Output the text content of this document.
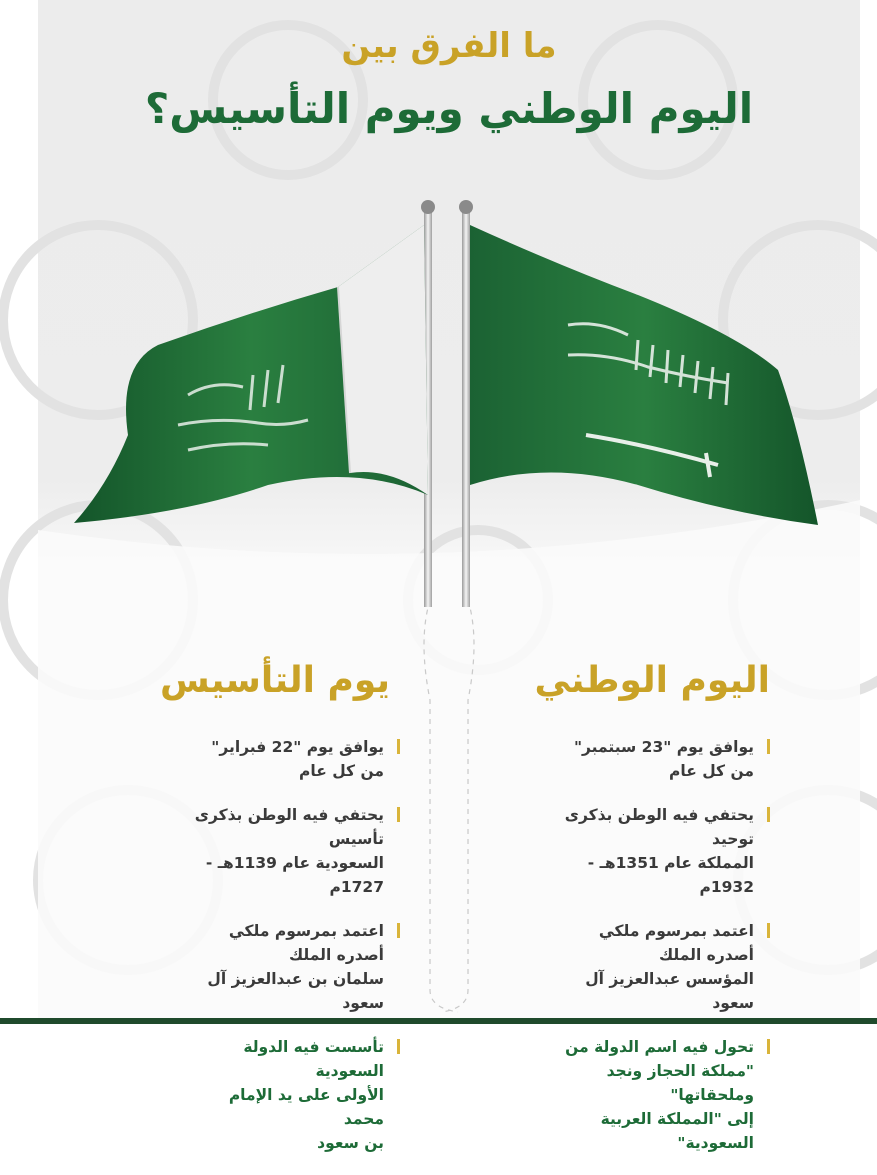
ما الفرق بين
اليوم الوطني ويوم التأسيس؟
اليوم الوطني
يوافق يوم "23 سبتمبر"
من كل عام
يحتفي فيه الوطن بذكرى توحيد
المملكة عام 1351هـ - 1932م
اعتمد بمرسوم ملكي أصدره الملك
المؤسس عبدالعزيز آل سعود
تحول فيه اسم الدولة من
"مملكة الحجاز ونجد وملحقاتها"
إلى "المملكة العربية السعودية"
يوم التأسيس
يوافق يوم "22 فبراير"
من كل عام
يحتفي فيه الوطن بذكرى تأسيس
السعودية عام 1139هـ - 1727م
اعتمد بمرسوم ملكي أصدره الملك
سلمان بن عبدالعزيز آل سعود
تأسست فيه الدولة السعودية
الأولى على يد الإمام محمد
بن سعود
